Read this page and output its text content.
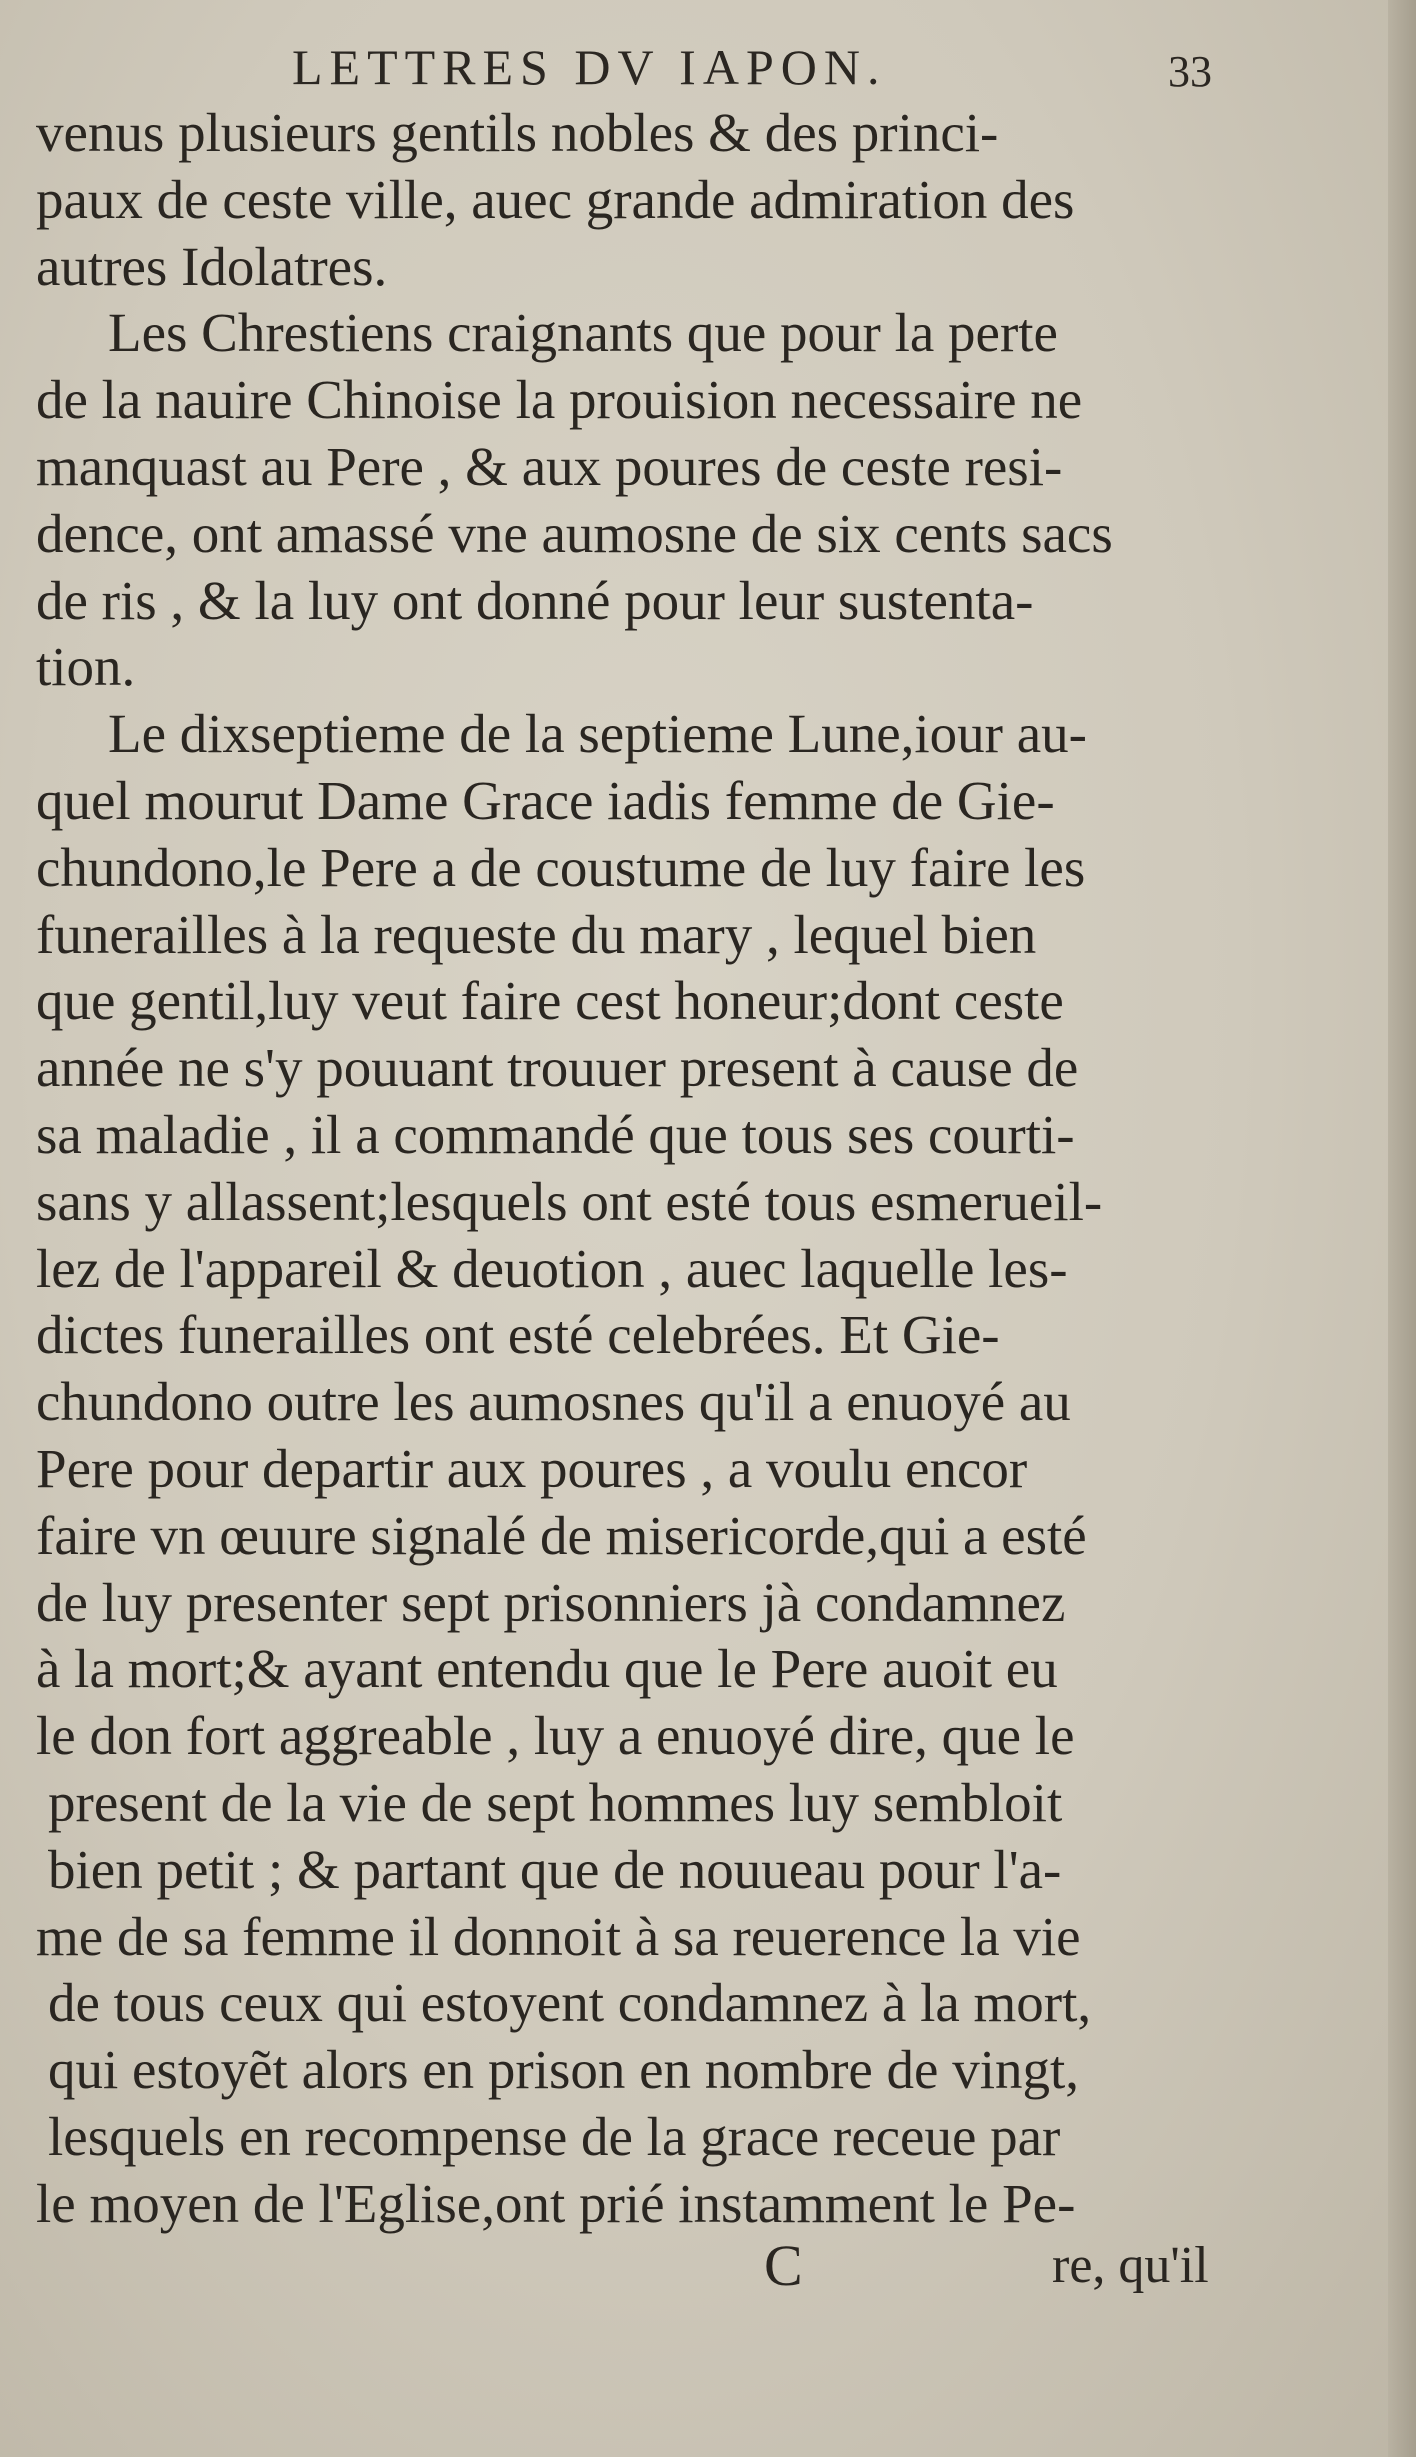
LETTRES DV IAPON.	33
venus plusieurs gentils nobles & des princi-
paux de ceste ville, auec grande admiration des
autres Idolatres.
Les Chrestiens craignants que pour la perte
de la nauire Chinoise la prouision necessaire ne
manquast au Pere , & aux poures de ceste resi-
dence, ont amassé vne aumosne de six cents sacs
de ris , & la luy ont donné pour leur sustenta-
tion.
Le dixseptieme de la septieme Lune,iour au-
quel mourut Dame Grace iadis femme de Gie-
chundono,le Pere a de coustume de luy faire les
funerailles à la requeste du mary , lequel bien
que gentil,luy veut faire cest honeur;dont ceste
année ne s'y pouuant trouuer present à cause de
sa maladie , il a commandé que tous ses courti-
sans y allassent;lesquels ont esté tous esmerueil-
lez de l'appareil & deuotion , auec laquelle les-
dictes funerailles ont esté celebrées. Et Gie-
chundono outre les aumosnes qu'il a enuoyé au
Pere pour departir aux poures , a voulu encor
faire vn œuure signalé de misericorde,qui a esté
de luy presenter sept prisonniers jà condamnez
à la mort;& ayant entendu que le Pere auoit eu
le don fort aggreable , luy a enuoyé dire, que le
present de la vie de sept hommes luy sembloit
bien petit ; & partant que de nouueau pour l'a-
me de sa femme il donnoit à sa reuerence la vie
de tous ceux qui estoyent condamnez à la mort,
qui estoyẽt alors en prison en nombre de vingt,
lesquels en recompense de la grace receue par
le moyen de l'Eglise,ont prié instamment le Pe-
C	re, qu'il
